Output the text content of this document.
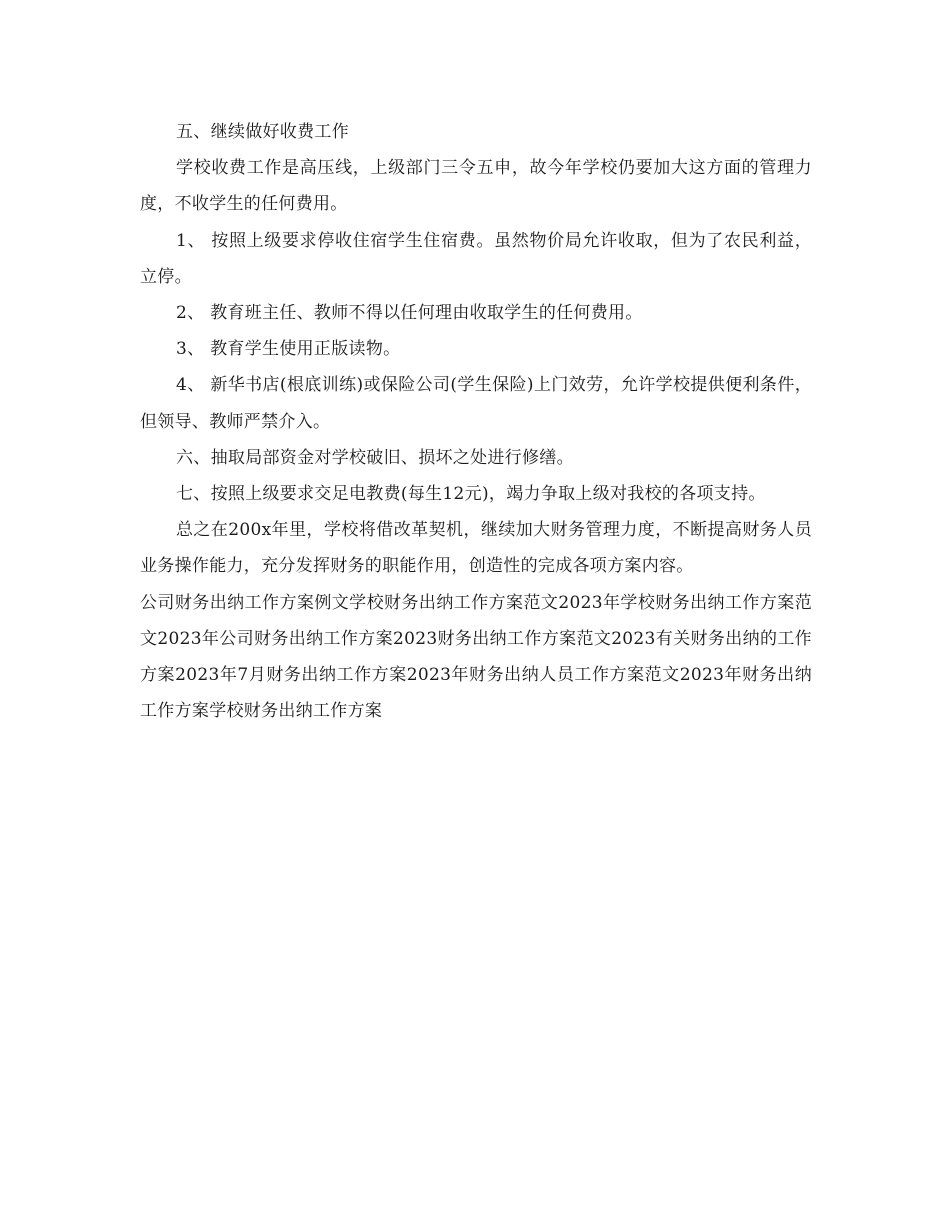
五、继续做好收费工作

学校收费工作是高压线，上级部门三令五申，故今年学校仍要加大这方面的管理力度，不收学生的任何费用。

1、 按照上级要求停收住宿学生住宿费。虽然物价局允许收取，但为了农民利益，立停。

2、 教育班主任、教师不得以任何理由收取学生的任何费用。

3、 教育学生使用正版读物。

4、 新华书店(根底训练)或保险公司(学生保险)上门效劳，允许学校提供便利条件，但领导、教师严禁介入。

六、抽取局部资金对学校破旧、损坏之处进行修缮。

七、按照上级要求交足电教费(每生12元)，竭力争取上级对我校的各项支持。

总之在200x年里，学校将借改革契机，继续加大财务管理力度，不断提高财务人员业务操作能力，充分发挥财务的职能作用，创造性的完成各项方案内容。

公司财务出纳工作方案例文学校财务出纳工作方案范文2023年学校财务出纳工作方案范文2023年公司财务出纳工作方案2023财务出纳工作方案范文2023有关财务出纳的工作方案2023年7月财务出纳工作方案2023年财务出纳人员工作方案范文2023年财务出纳工作方案学校财务出纳工作方案
